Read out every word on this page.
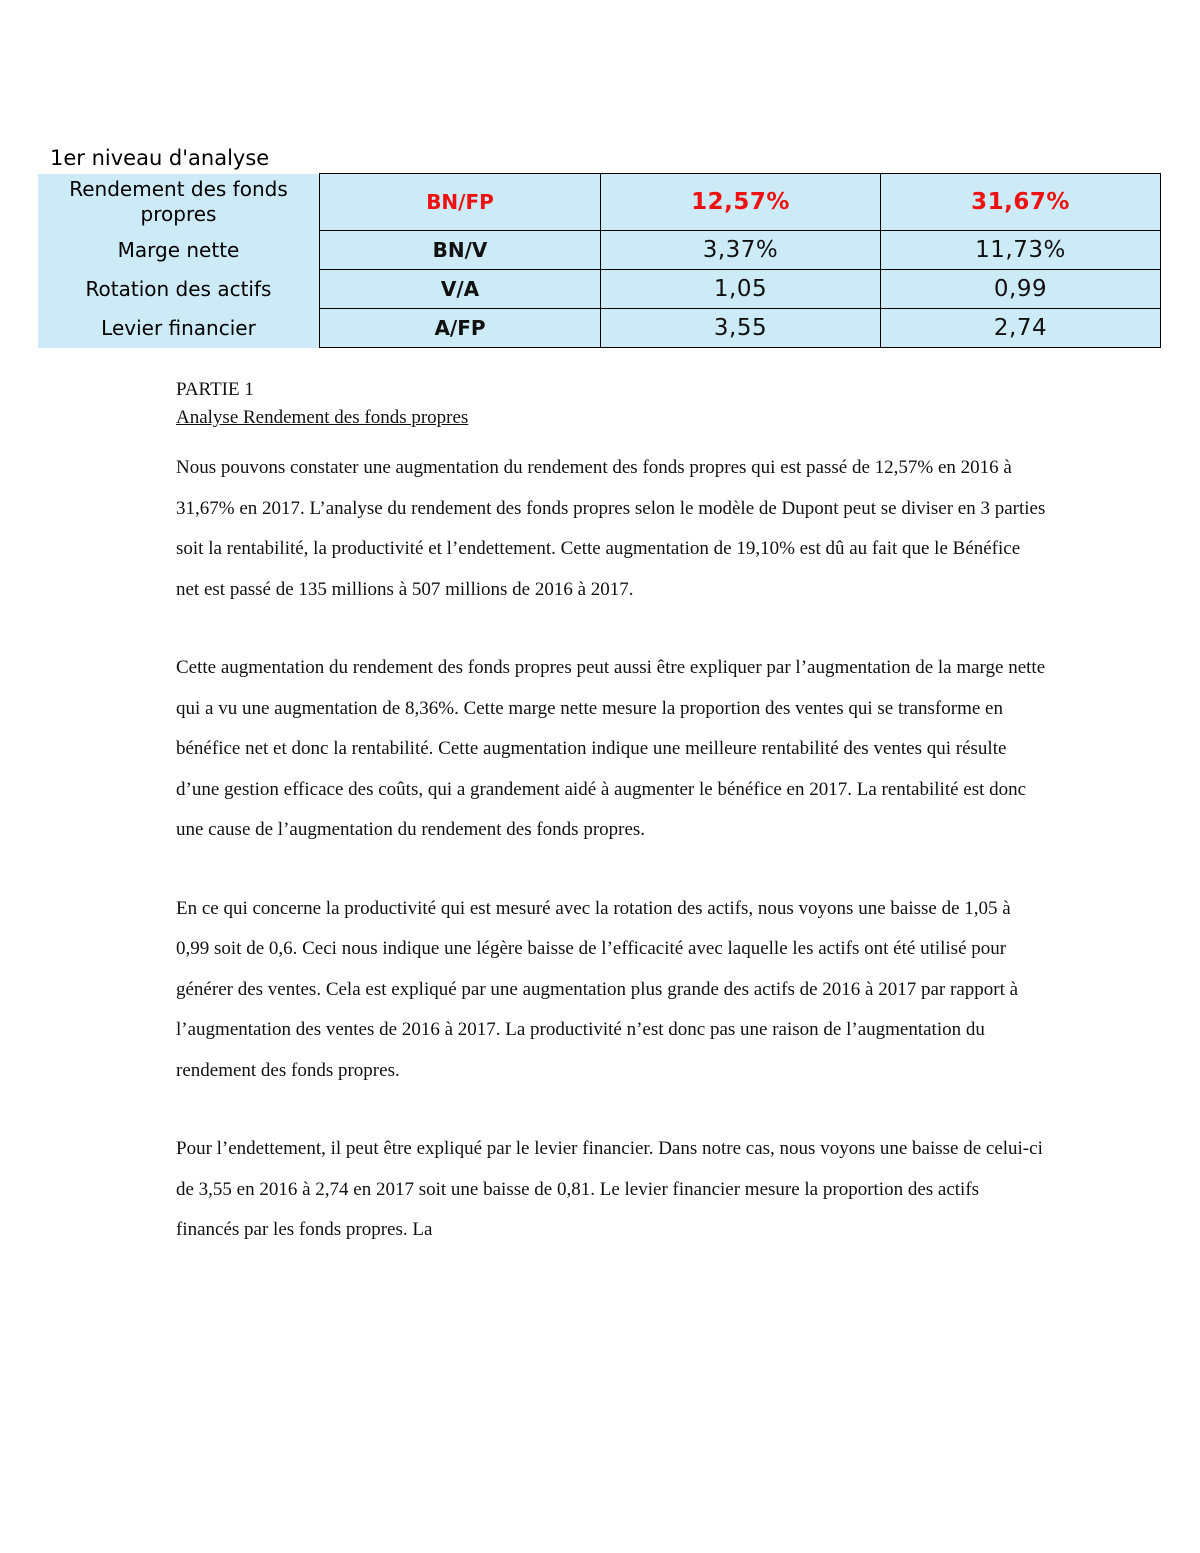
1er niveau d'analyse
Rendement des fonds propres	BN/FP	12,57%	31,67%
Marge nette	BN/V	3,37%	11,73%
Rotation des actifs	V/A	1,05	0,99
Levier financier	A/FP	3,55	2,74

PARTIE 1

Analyse Rendement des fonds propres

Nous pouvons constater une augmentation du rendement des fonds propres qui est passé de 12,57% en 2016 à 31,67% en 2017. L’analyse du rendement des fonds propres selon le modèle de Dupont peut se diviser en 3 parties soit la rentabilité, la productivité et l’endettement. Cette augmentation de 19,10% est dû au fait que le Bénéfice net est passé de 135 millions à 507 millions de 2016 à 2017.

Cette augmentation du rendement des fonds propres peut aussi être expliquer par l’augmentation de la marge nette qui a vu une augmentation de 8,36%. Cette marge nette mesure la proportion des ventes qui se transforme en bénéfice net et donc la rentabilité. Cette augmentation indique une meilleure rentabilité des ventes qui résulte d’une gestion efficace des coûts, qui a grandement aidé à augmenter le bénéfice en 2017. La rentabilité est donc une cause de l’augmentation du rendement des fonds propres.

En ce qui concerne la productivité qui est mesuré avec la rotation des actifs, nous voyons une baisse de 1,05 à 0,99 soit de 0,6. Ceci nous indique une légère baisse de l’efficacité avec laquelle les actifs ont été utilisé pour générer des ventes. Cela est expliqué par une augmentation plus grande des actifs de 2016 à 2017 par rapport à l’augmentation des ventes de 2016 à 2017. La productivité n’est donc pas une raison de l’augmentation du rendement des fonds propres.

Pour l’endettement, il peut être expliqué par le levier financier. Dans notre cas, nous voyons une baisse de celui-ci de 3,55 en 2016 à 2,74 en 2017 soit une baisse de 0,81. Le levier financier mesure la proportion des actifs financés par les fonds propres. La
